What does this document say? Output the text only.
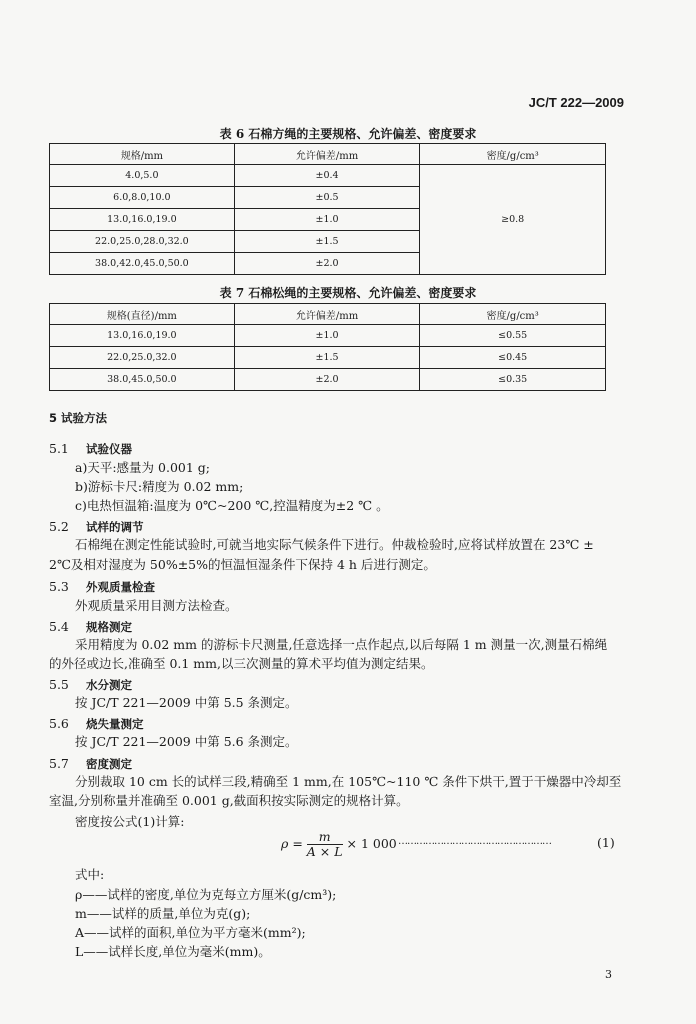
JC/T 222—2009
表 6 石棉方绳的主要规格、允许偏差、密度要求
规格/mm	允许偏差/mm	密度/g/cm³
4.0,5.0	±0.4	≥0.8
6.0,8.0,10.0	±0.5	
13.0,16.0,19.0	±1.0	
22.0,25.0,28.0,32.0	±1.5	
38.0,42.0,45.0,50.0	±2.0	
表 7 石棉松绳的主要规格、允许偏差、密度要求
规格(直径)/mm	允许偏差/mm	密度/g/cm³
13.0,16.0,19.0	±1.0	≤0.55
22.0,25.0,32.0	±1.5	≤0.45
38.0,45.0,50.0	±2.0	≤0.35
5 试验方法
5.1 试验仪器
a)天平:感量为 0.001 g;
b)游标卡尺:精度为 0.02 mm;
c)电热恒温箱:温度为 0℃~200 ℃,控温精度为±2 ℃ 。
5.2 试样的调节
石棉绳在测定性能试验时,可就当地实际气候条件下进行。仲裁检验时,应将试样放置在 23℃ ±
2℃及相对湿度为 50%±5%的恒温恒湿条件下保持 4 h 后进行测定。
5.3 外观质量检查
外观质量采用目测方法检查。
5.4 规格测定
采用精度为 0.02 mm 的游标卡尺测量,任意选择一点作起点,以后每隔 1 m 测量一次,测量石棉绳
的外径或边长,准确至 0.1 mm,以三次测量的算术平均值为测定结果。
5.5 水分测定
按 JC/T 221—2009 中第 5.5 条测定。
5.6 烧失量测定
按 JC/T 221—2009 中第 5.6 条测定。
5.7 密度测定
分别裁取 10 cm 长的试样三段,精确至 1 mm,在 105℃~110 ℃ 条件下烘干,置于干燥器中冷却至
室温,分别称量并准确至 0.001 g,截面积按实际测定的规格计算。
密度按公式(1)计算:
$\rho = \frac{m}{A \times L} \times 1$ 000 ……………………………………………	(1)
式中:
ρ——试样的密度,单位为克每立方厘米(g/cm³);
m——试样的质量,单位为克(g);
A——试样的面积,单位为平方毫米(mm²);
L——试样长度,单位为毫米(mm)。
3
